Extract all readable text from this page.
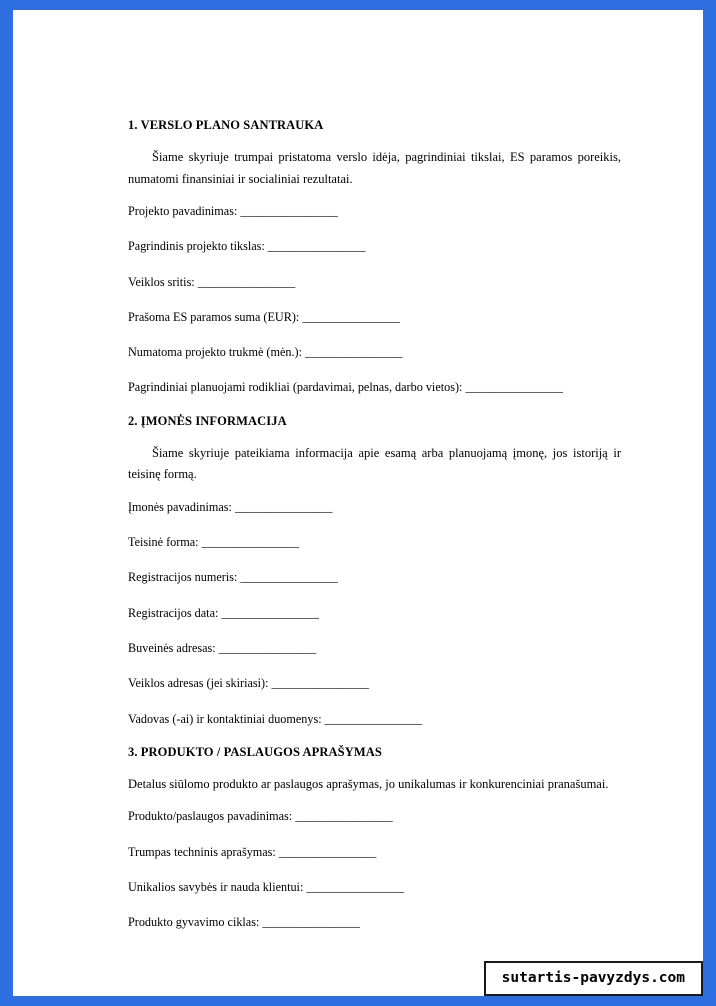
1. VERSLO PLANO SANTRAUKA

Šiame skyriuje trumpai pristatoma verslo idėja, pagrindiniai tikslai, ES paramos poreikis, numatomi finansiniai ir socialiniai rezultatai.

Projekto pavadinimas: ________________

Pagrindinis projekto tikslas: ________________

Veiklos sritis: ________________

Prašoma ES paramos suma (EUR): ________________

Numatoma projekto trukmė (mėn.): ________________

Pagrindiniai planuojami rodikliai (pardavimai, pelnas, darbo vietos): ________________

2. ĮMONĖS INFORMACIJA

Šiame skyriuje pateikiama informacija apie esamą arba planuojamą įmonę, jos istoriją ir teisinę formą.

Įmonės pavadinimas: ________________

Teisinė forma: ________________

Registracijos numeris: ________________

Registracijos data: ________________

Buveinės adresas: ________________

Veiklos adresas (jei skiriasi): ________________

Vadovas (-ai) ir kontaktiniai duomenys: ________________

3. PRODUKTO / PASLAUGOS APRAŠYMAS

Detalus siūlomo produkto ar paslaugos aprašymas, jo unikalumas ir konkurenciniai pranašumai.

Produkto/paslaugos pavadinimas: ________________

Trumpas techninis aprašymas: ________________

Unikalios savybės ir nauda klientui: ________________

Produkto gyvavimo ciklas: ________________

sutartis-pavyzdys.com
